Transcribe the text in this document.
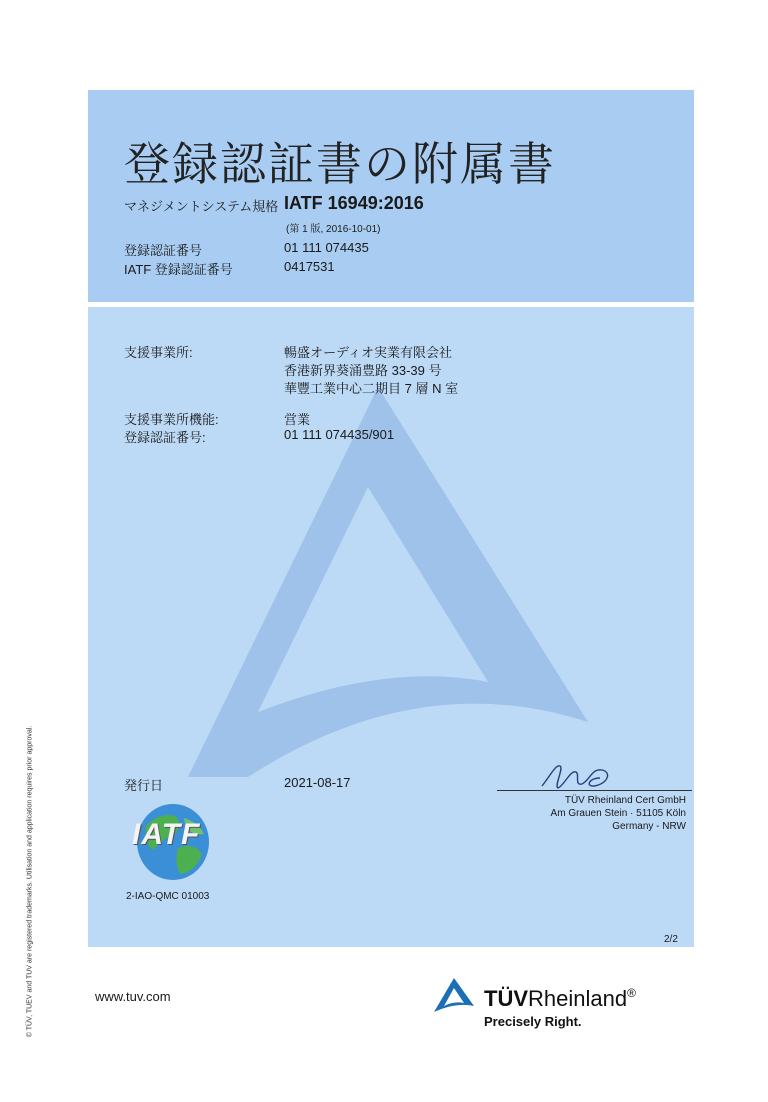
登録認証書の附属書
マネジメントシステム規格 IATF 16949:2016
(第 1 版, 2016-10-01)
登録認証番号	01 111 074435
IATF 登録認証番号	0417531
支援事業所:	暢盛オーディオ実業有限会社
香港新界葵涌豊路 33-39 号
華豐工業中心二期目 7 層 N 室
支援事業所機能:	営業
登録認証番号:	01 111 074435/901
発行日	2021-08-17
TÜV Rheinland Cert GmbH
Am Grauen Stein · 51105 Köln
Germany - NRW
IATF
2-IAO-QMC 01003
2/2
© TÜV, TUEV and TUV are registered trademarks. Utilisation and application requires prior approval.	www.tuv.com	TÜVRheinland®
Precisely Right.
